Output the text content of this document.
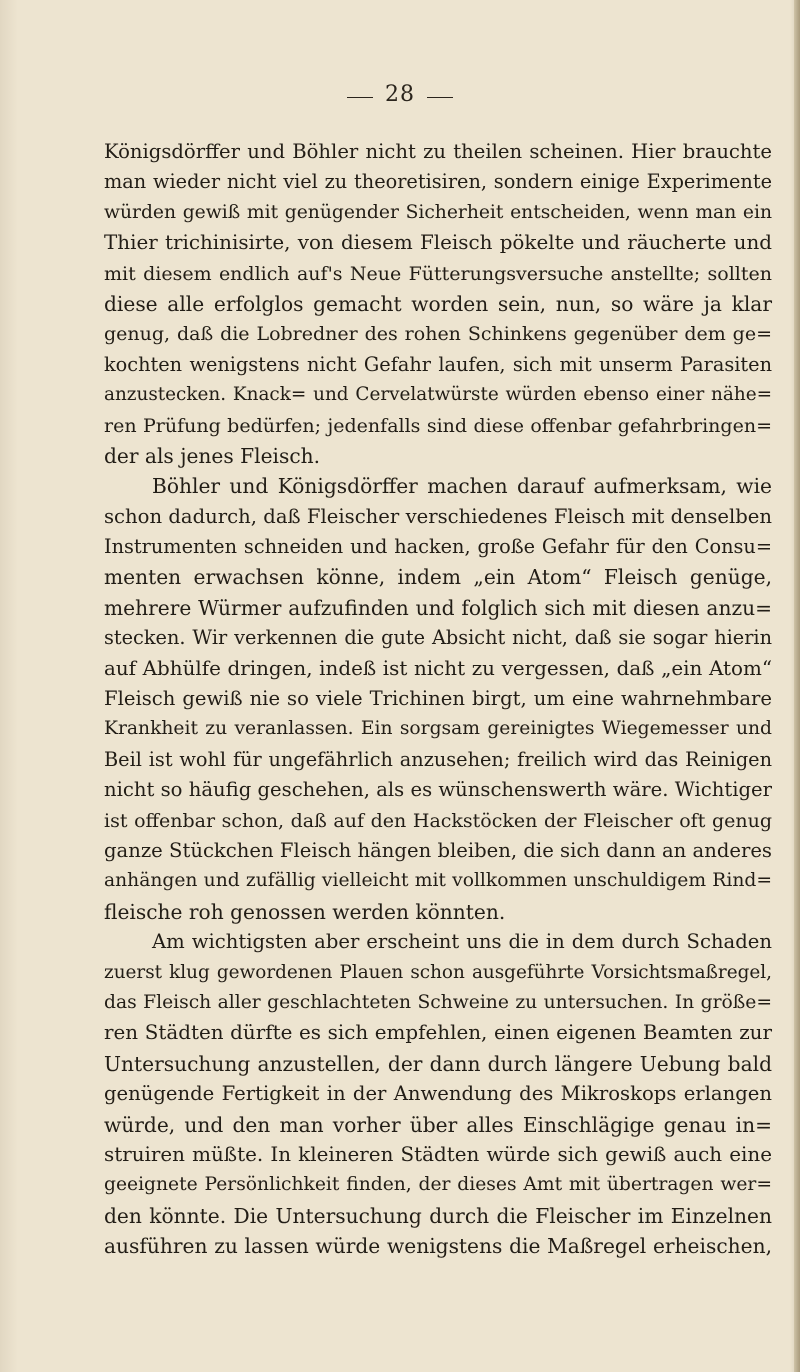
28
Königsdörffer und Böhler nicht zu theilen scheinen. Hier brauchte
man wieder nicht viel zu theoretisiren, sondern einige Experimente
würden gewiß mit genügender Sicherheit entscheiden, wenn man ein
Thier trichinisirte, von diesem Fleisch pökelte und räucherte und
mit diesem endlich auf's Neue Fütterungsversuche anstellte; sollten
diese alle erfolglos gemacht worden sein, nun, so wäre ja klar
genug, daß die Lobredner des rohen Schinkens gegenüber dem ge=
kochten wenigstens nicht Gefahr laufen, sich mit unserm Parasiten
anzustecken. Knack= und Cervelatwürste würden ebenso einer nähe=
ren Prüfung bedürfen; jedenfalls sind diese offenbar gefahrbringen=
der als jenes Fleisch.
Böhler und Königsdörffer machen darauf aufmerksam, wie
schon dadurch, daß Fleischer verschiedenes Fleisch mit denselben
Instrumenten schneiden und hacken, große Gefahr für den Consu=
menten erwachsen könne, indem „ein Atom“ Fleisch genüge,
mehrere Würmer aufzufinden und folglich sich mit diesen anzu=
stecken. Wir verkennen die gute Absicht nicht, daß sie sogar hierin
auf Abhülfe dringen, indeß ist nicht zu vergessen, daß „ein Atom“
Fleisch gewiß nie so viele Trichinen birgt, um eine wahrnehmbare
Krankheit zu veranlassen. Ein sorgsam gereinigtes Wiegemesser und
Beil ist wohl für ungefährlich anzusehen; freilich wird das Reinigen
nicht so häufig geschehen, als es wünschenswerth wäre. Wichtiger
ist offenbar schon, daß auf den Hackstöcken der Fleischer oft genug
ganze Stückchen Fleisch hängen bleiben, die sich dann an anderes
anhängen und zufällig vielleicht mit vollkommen unschuldigem Rind=
fleische roh genossen werden könnten.
Am wichtigsten aber erscheint uns die in dem durch Schaden
zuerst klug gewordenen Plauen schon ausgeführte Vorsichtsmaßregel,
das Fleisch aller geschlachteten Schweine zu untersuchen. In größe=
ren Städten dürfte es sich empfehlen, einen eigenen Beamten zur
Untersuchung anzustellen, der dann durch längere Uebung bald
genügende Fertigkeit in der Anwendung des Mikroskops erlangen
würde, und den man vorher über alles Einschlägige genau in=
struiren müßte. In kleineren Städten würde sich gewiß auch eine
geeignete Persönlichkeit finden, der dieses Amt mit übertragen wer=
den könnte. Die Untersuchung durch die Fleischer im Einzelnen
ausführen zu lassen würde wenigstens die Maßregel erheischen,
